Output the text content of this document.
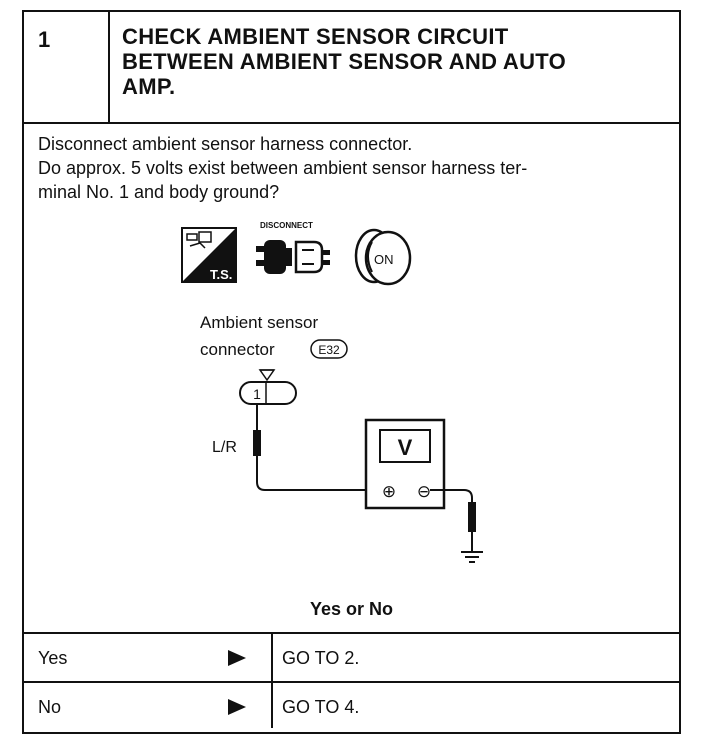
1	CHECK AMBIENT SENSOR CIRCUIT
BETWEEN AMBIENT SENSOR AND AUTO
AMP.
Disconnect ambient sensor harness connector.
Do approx. 5 volts exist between ambient sensor harness ter-
minal No. 1 and body ground?
T.S.
DISCONNECT
ON
Ambient sensor
connector	E32
1
L/R	V
⊕ ⊖
Yes or No
Yes	GO TO 2.
No	GO TO 4.
